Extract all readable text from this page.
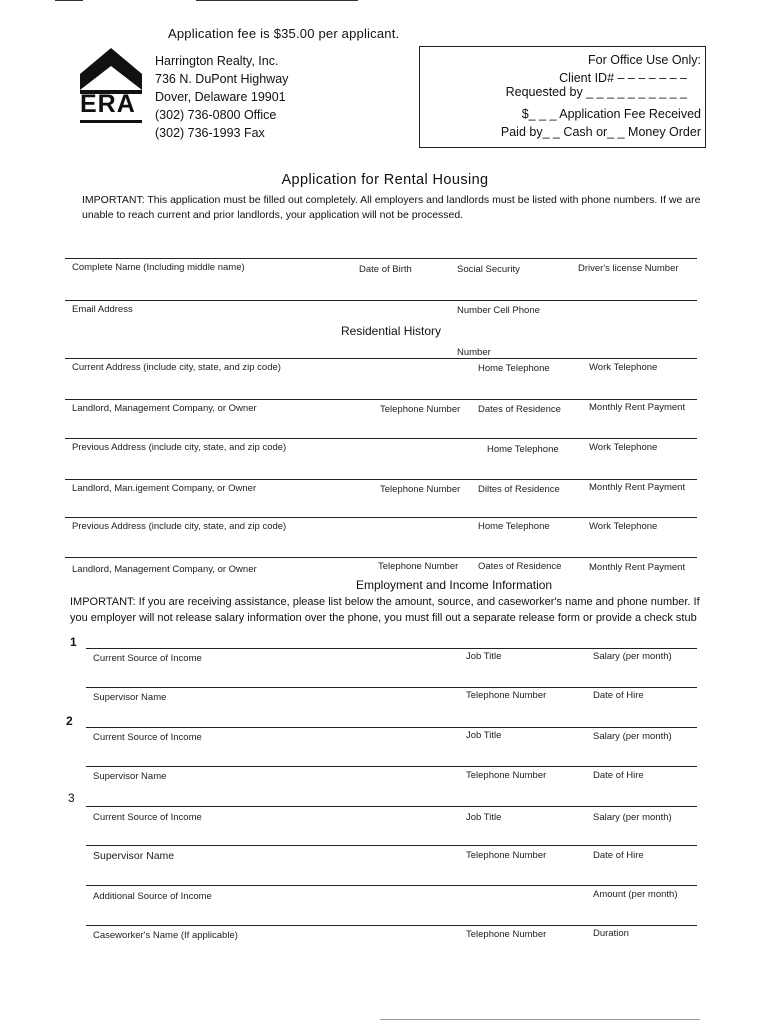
Application fee is $35.00 per applicant.
ERA
Harrington Realty, Inc.
736 N. DuPont Highway
Dover, Delaware 19901
(302) 736-0800 Office
(302) 736-1993 Fax
For Office Use Only:
Client ID# ‒ ‒ ‒ ‒ ‒ ‒ ‒
Requested by _ _ _ _ _ _ _ _ _ _
$_ _ _ Application Fee Received
Paid by_ _ Cash or_ _ Money Order
Application for Rental Housing
IMPORTANT: This application must be filled out completely. All employers and landlords must be listed with phone numbers. If we are unable to reach current and prior landlords, your application will not be processed.
Complete Name (Including middle name)	Date of Birth	Social Security	Driver's license Number
Email Address	Number Cell Phone
Residential History
Number
Current Address (include city, state, and zip code)	Home Telephone	Work Telephone
Landlord, Management Company, or Owner	Telephone Number Dates of Residence	Monthly Rent Payment
Previous Address (include city, state, and zip code)	Home Telephone	Work Telephone
Landlord, Man.igement Company, or Owner	Telephone Number Diltes of Residence	Monthly Rent Payment
Previous Address (include city, state, and zip code)	Home Telephone	Work Telephone
Landlord, Management Company, or Owner	Telephone Number Oates of Residence	Monthly Rent Payment
Employment and Income Information
IMPORTANT: If you are receiving assistance, please list below the amount, source, and caseworker's name and phone number. If you employer will not release salary information over the phone, you must fill out a separate release form or provide a check stub
1
Current Source of Income	Job Title	Salary (per month)
Supervisor Name	Telephone Number	Date of Hire
2
Current Source of Income	Job Title	Salary (per month)
Supervisor Name	Telephone Number	Date of Hire
3
Current Source of Income	Job Title	Salary (per month)
Supervisor Name	Telephone Number	Date of Hire
Additional Source of Income	Amount (per month)
Caseworker's Name (If applicable)	Telephone Number	Duration
